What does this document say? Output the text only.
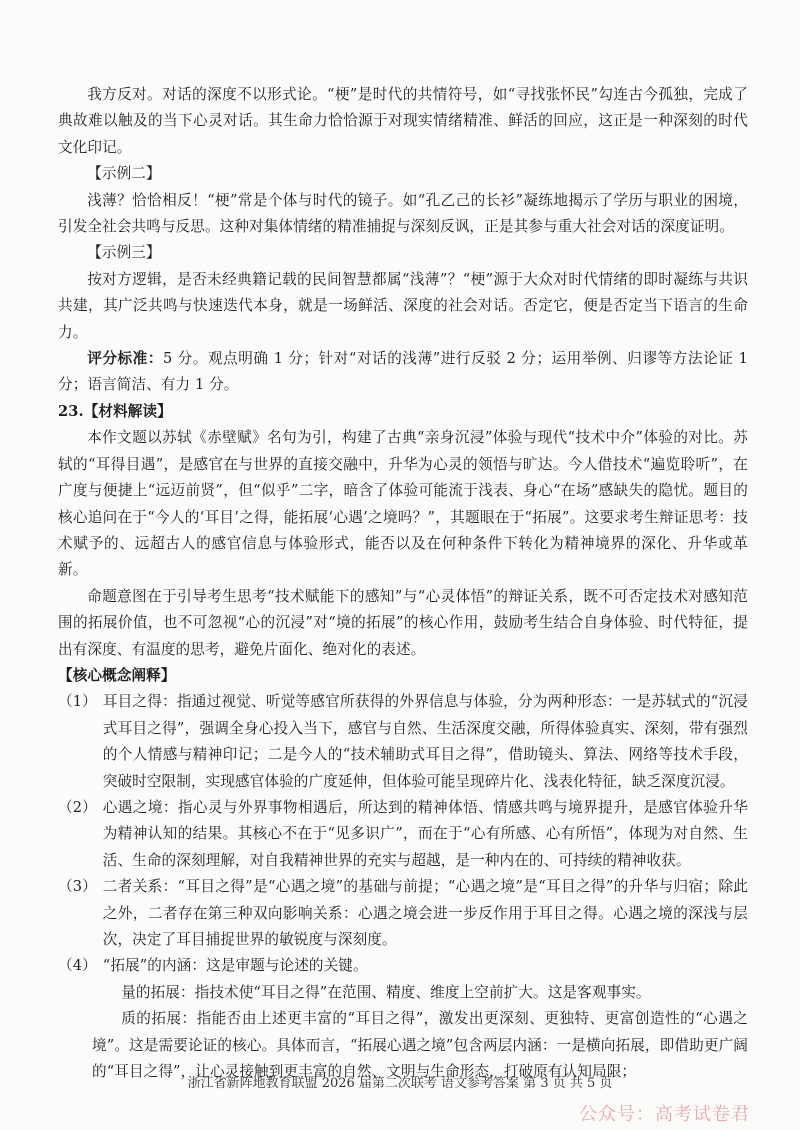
我方反对。对话的深度不以形式论。“梗”是时代的共情符号，如“寻找张怀民”勾连古今孤独，完成了典故难以触及的当下心灵对话。其生命力恰恰源于对现实情绪精准、鲜活的回应，这正是一种深刻的时代文化印记。

【示例二】

浅薄？恰恰相反！“梗”常是个体与时代的镜子。如“孔乙己的长衫”凝练地揭示了学历与职业的困境，引发全社会共鸣与反思。这种对集体情绪的精准捕捉与深刻反讽，正是其参与重大社会对话的深度证明。

【示例三】

按对方逻辑，是否未经典籍记载的民间智慧都属“浅薄”？“梗”源于大众对时代情绪的即时凝练与共识共建，其广泛共鸣与快速迭代本身，就是一场鲜活、深度的社会对话。否定它，便是否定当下语言的生命力。

评分标准：5 分。观点明确 1 分；针对“对话的浅薄”进行反驳 2 分；运用举例、归谬等方法论证 1 分；语言简洁、有力 1 分。

23.【材料解读】

本作文题以苏轼《赤壁赋》名句为引，构建了古典“亲身沉浸”体验与现代“技术中介”体验的对比。苏轼的“耳得目遇”，是感官在与世界的直接交融中，升华为心灵的领悟与旷达。今人借技术“遍览聆听”，在广度与便捷上“远迈前贤”，但“似乎”二字，暗含了体验可能流于浅表、身心“在场”感缺失的隐忧。题目的核心追问在于“今人的‘耳目’之得，能拓展‘心遇’之境吗？”，其题眼在于“拓展”。这要求考生辩证思考：技术赋予的、远超古人的感官信息与体验形式，能否以及在何种条件下转化为精神境界的深化、升华或革新。

命题意图在于引导考生思考“技术赋能下的感知”与“心灵体悟”的辩证关系，既不可否定技术对感知范围的拓展价值，也不可忽视“心的沉浸”对“境的拓展”的核心作用，鼓励考生结合自身体验、时代特征，提出有深度、有温度的思考，避免片面化、绝对化的表述。

【核心概念阐释】

（1） 耳目之得：指通过视觉、听觉等感官所获得的外界信息与体验，分为两种形态：一是苏轼式的“沉浸式耳目之得”，强调全身心投入当下，感官与自然、生活深度交融，所得体验真实、深刻，带有强烈的个人情感与精神印记；二是今人的“技术辅助式耳目之得”，借助镜头、算法、网络等技术手段，突破时空限制，实现感官体验的广度延伸，但体验可能呈现碎片化、浅表化特征，缺乏深度沉浸。
（2） 心遇之境：指心灵与外界事物相遇后，所达到的精神体悟、情感共鸣与境界提升，是感官体验升华为精神认知的结果。其核心不在于“见多识广”，而在于“心有所感、心有所悟”，体现为对自然、生活、生命的深刻理解，对自我精神世界的充实与超越，是一种内在的、可持续的精神收获。
（3） 二者关系：“耳目之得”是“心遇之境”的基础与前提；“心遇之境”是“耳目之得”的升华与归宿；除此之外，二者存在第三种双向影响关系：心遇之境会进一步反作用于耳目之得。心遇之境的深浅与层次，决定了耳目捕捉世界的敏锐度与深刻度。
（4） “拓展”的内涵：这是审题与论述的关键。

量的拓展：指技术使“耳目之得”在范围、精度、维度上空前扩大。这是客观事实。

质的拓展：指能否由上述更丰富的“耳目之得”，激发出更深刻、更独特、更富创造性的“心遇之境”。这是需要论证的核心。具体而言，“拓展心遇之境”包含两层内涵：一是横向拓展，即借助更广阔的“耳目之得”，让心灵接触到更丰富的自然、文明与生命形态，打破原有认知局限；

浙江省新阵地教育联盟 2026 届第二次联考 语文参考答案 第 3 页 共 5 页
公众号：高考试卷君
